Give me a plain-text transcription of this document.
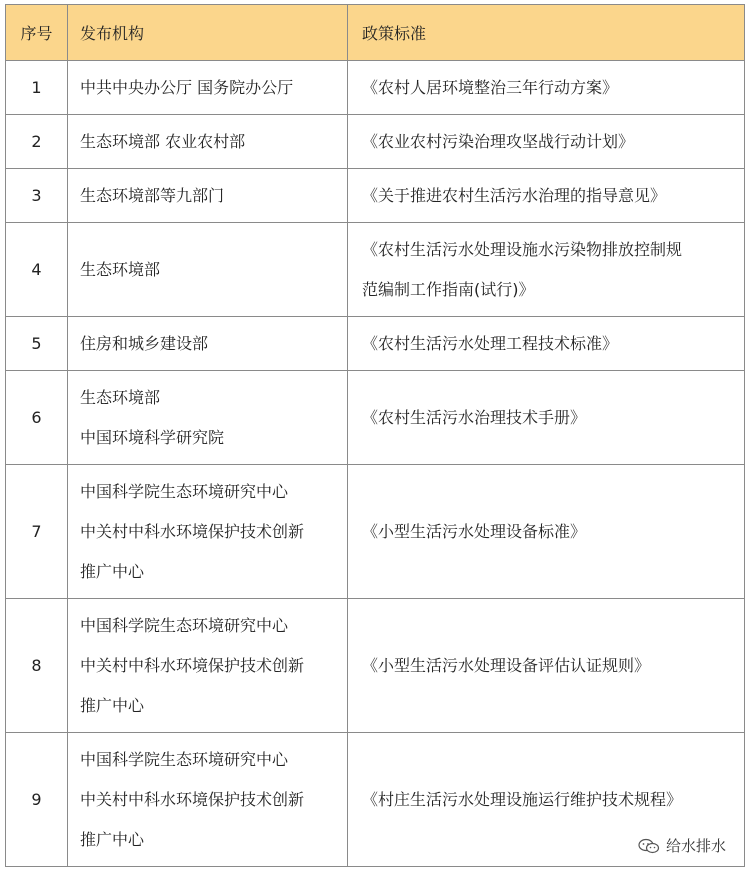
序号	发布机构	政策标准
1	中共中央办公厅 国务院办公厅	《农村人居环境整治三年行动方案》

2	生态环境部 农业农村部	《农业农村污染治理攻坚战行动计划》

3	生态环境部等九部门	《关于推进农村生活污水治理的指导意见》

4	生态环境部	《农村生活污水处理设施水污染物排放控制规
范编制工作指南(试行)》

5	住房和城乡建设部	《农村生活污水处理工程技术标准》

6	生态环境部
中国环境科学研究院	《农村生活污水治理技术手册》

7	中国科学院生态环境研究中心
中关村中科水环境保护技术创新
推广中心	《小型生活污水处理设备标准》

8	中国科学院生态环境研究中心
中关村中科水环境保护技术创新
推广中心	《小型生活污水处理设备评估认证规则》

9	中国科学院生态环境研究中心
中关村中科水环境保护技术创新
推广中心	《村庄生活污水处理设施运行维护技术规程》
给水排水
